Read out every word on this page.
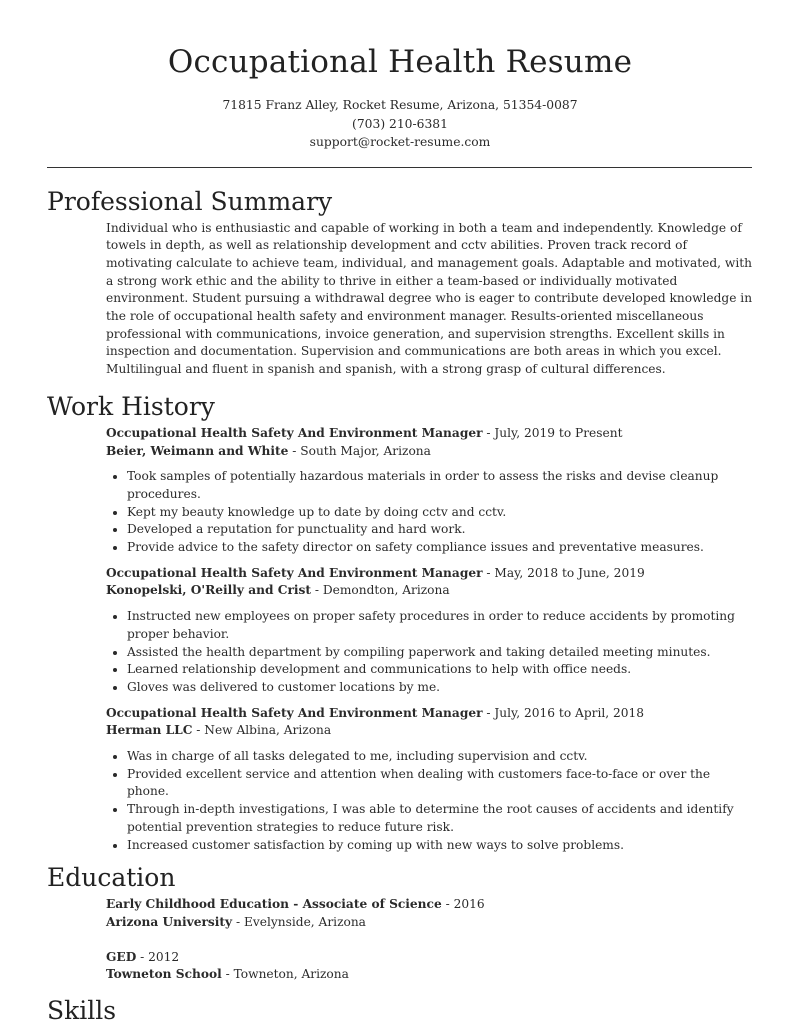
Occupational Health Resume
71815 Franz Alley, Rocket Resume, Arizona, 51354-0087
(703) 210-6381
support@rocket-resume.com
Professional Summary
Individual who is enthusiastic and capable of working in both a team and independently. Knowledge of towels in depth, as well as relationship development and cctv abilities. Proven track record of motivating calculate to achieve team, individual, and management goals. Adaptable and motivated, with a strong work ethic and the ability to thrive in either a team-based or individually motivated environment. Student pursuing a withdrawal degree who is eager to contribute developed knowledge in the role of occupational health safety and environment manager. Results-oriented miscellaneous professional with communications, invoice generation, and supervision strengths. Excellent skills in inspection and documentation. Supervision and communications are both areas in which you excel. Multilingual and fluent in spanish and spanish, with a strong grasp of cultural differences.
Work History
Occupational Health Safety And Environment Manager - July, 2019 to Present
Beier, Weimann and White - South Major, Arizona
• Took samples of potentially hazardous materials in order to assess the risks and devise cleanup procedures.
• Kept my beauty knowledge up to date by doing cctv and cctv.
• Developed a reputation for punctuality and hard work.
• Provide advice to the safety director on safety compliance issues and preventative measures.
Occupational Health Safety And Environment Manager - May, 2018 to June, 2019
Konopelski, O'Reilly and Crist - Demondton, Arizona
• Instructed new employees on proper safety procedures in order to reduce accidents by promoting proper behavior.
• Assisted the health department by compiling paperwork and taking detailed meeting minutes.
• Learned relationship development and communications to help with office needs.
• Gloves was delivered to customer locations by me.
Occupational Health Safety And Environment Manager - July, 2016 to April, 2018
Herman LLC - New Albina, Arizona
• Was in charge of all tasks delegated to me, including supervision and cctv.
• Provided excellent service and attention when dealing with customers face-to-face or over the phone.
• Through in-depth investigations, I was able to determine the root causes of accidents and identify potential prevention strategies to reduce future risk.
• Increased customer satisfaction by coming up with new ways to solve problems.
Education
Early Childhood Education - Associate of Science - 2016
Arizona University - Evelynside, Arizona
GED - 2012
Towneton School - Towneton, Arizona
Skills
